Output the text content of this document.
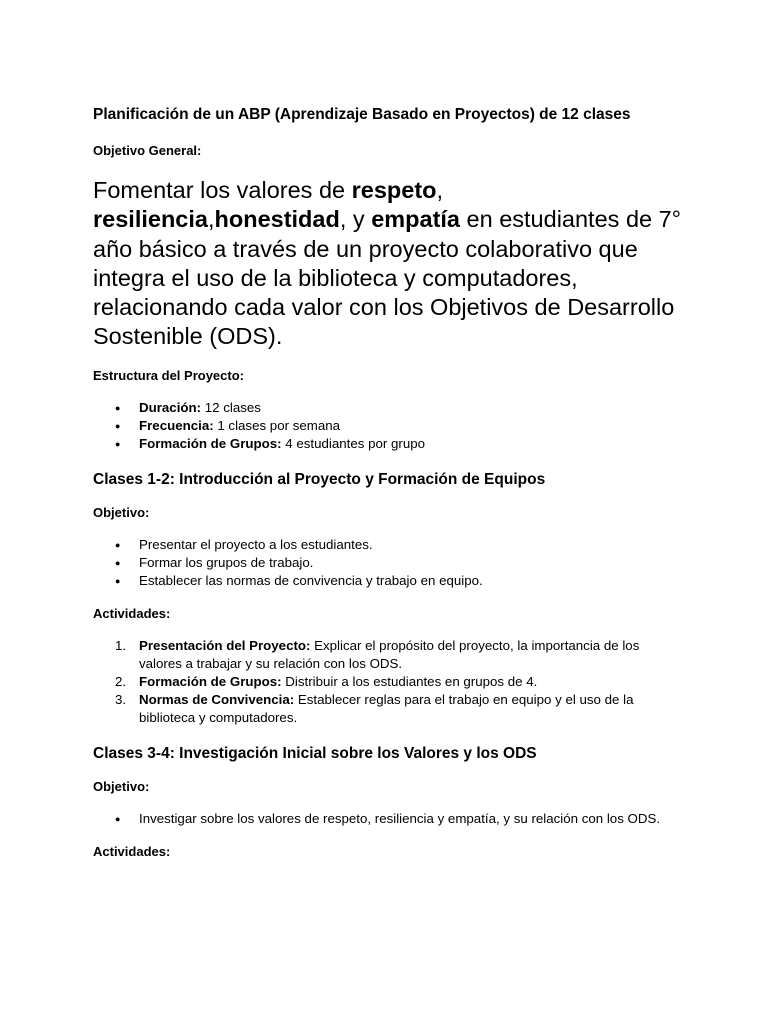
Planificación de un ABP (Aprendizaje Basado en Proyectos) de 12 clases

Objetivo General:

Fomentar los valores de respeto,
resiliencia,honestidad, y empatía en estudiantes de 7° año básico a través de un proyecto colaborativo que integra el uso de la biblioteca y computadores, relacionando cada valor con los Objetivos de Desarrollo Sostenible (ODS).

Estructura del Proyecto:

● Duración: 12 clases
● Frecuencia: 1 clases por semana
● Formación de Grupos: 4 estudiantes por grupo
Clases 1-2: Introducción al Proyecto y Formación de Equipos

Objetivo:

● Presentar el proyecto a los estudiantes.
● Formar los grupos de trabajo.
● Establecer las normas de convivencia y trabajo en equipo.

Actividades:

1. Presentación del Proyecto: Explicar el propósito del proyecto, la importancia de los valores a trabajar y su relación con los ODS.
2. Formación de Grupos: Distribuir a los estudiantes en grupos de 4.
3. Normas de Convivencia: Establecer reglas para el trabajo en equipo y el uso de la biblioteca y computadores.
Clases 3-4: Investigación Inicial sobre los Valores y los ODS

Objetivo:

● Investigar sobre los valores de respeto, resiliencia y empatía, y su relación con los ODS.

Actividades:
